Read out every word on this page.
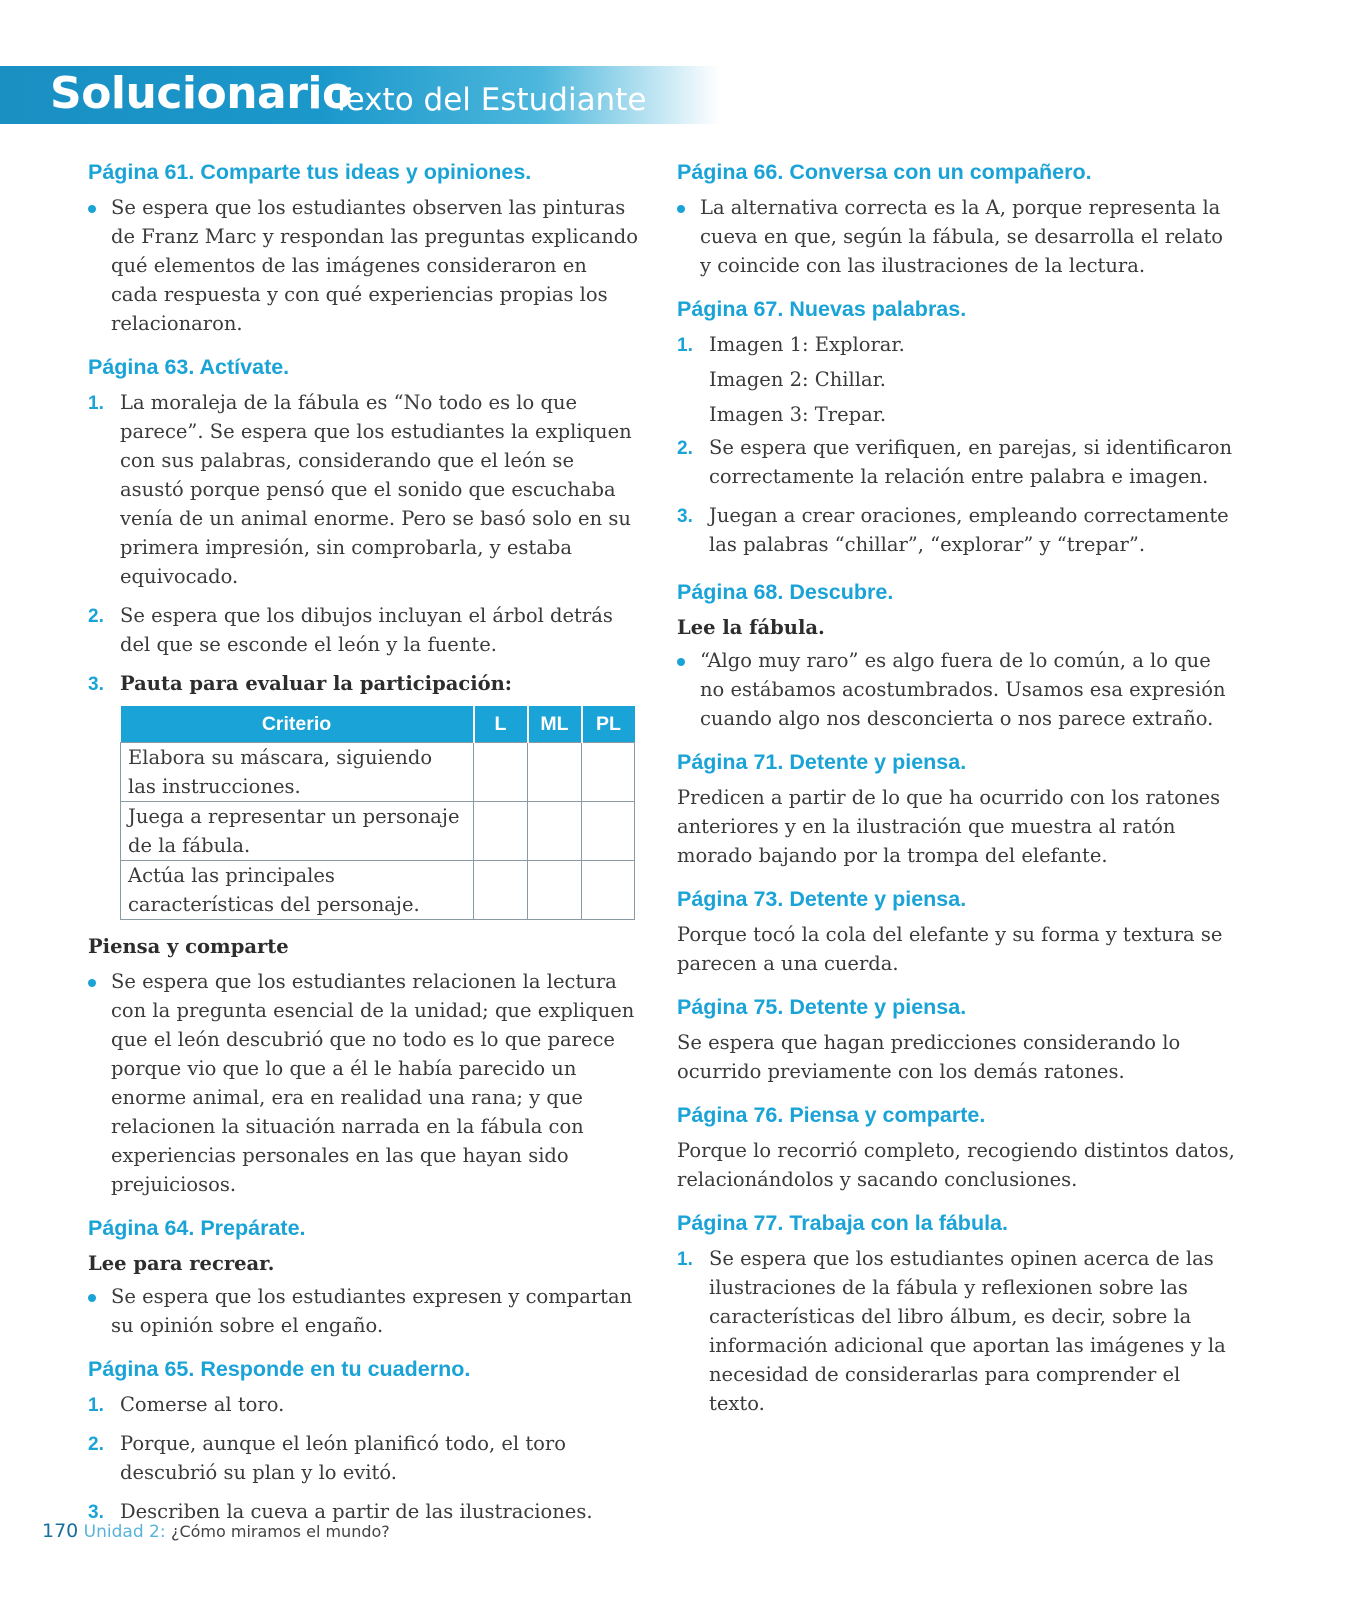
Solucionario
Texto del Estudiante
Página 61. Comparte tus ideas y opiniones.
Se espera que los estudiantes observen las pinturas de Franz Marc y respondan las preguntas explicando qué elementos de las imágenes consideraron en cada respuesta y con qué experiencias propias los relacionaron.
Página 63. Actívate.
1. La moraleja de la fábula es “No todo es lo que parece”. Se espera que los estudiantes la expliquen con sus palabras, considerando que el león se asustó porque pensó que el sonido que escuchaba venía de un animal enorme. Pero se basó solo en su primera impresión, sin comprobarla, y estaba equivocado.
2. Se espera que los dibujos incluyan el árbol detrás del que se esconde el león y la fuente.
3. Pauta para evaluar la participación:
Criterio	L	ML	PL
Elabora su máscara, siguiendo las instrucciones.			
Juega a representar un personaje de la fábula.			
Actúa las principales características del personaje.			
Piensa y comparte
Se espera que los estudiantes relacionen la lectura con la pregunta esencial de la unidad; que expliquen que el león descubrió que no todo es lo que parece porque vio que lo que a él le había parecido un enorme animal, era en realidad una rana; y que relacionen la situación narrada en la fábula con experiencias personales en las que hayan sido prejuiciosos.
Página 64. Prepárate.
Lee para recrear.
Se espera que los estudiantes expresen y compartan su opinión sobre el engaño.
Página 65. Responde en tu cuaderno.
1. Comerse al toro.
2. Porque, aunque el león planificó todo, el toro descubrió su plan y lo evitó.
3. Describen la cueva a partir de las ilustraciones.
Página 66. Conversa con un compañero.
La alternativa correcta es la A, porque representa la cueva en que, según la fábula, se desarrolla el relato y coincide con las ilustraciones de la lectura.
Página 67. Nuevas palabras.
1. Imagen 1: Explorar.
Imagen 2: Chillar.
Imagen 3: Trepar.
2. Se espera que verifiquen, en parejas, si identificaron correctamente la relación entre palabra e imagen.
3. Juegan a crear oraciones, empleando correctamente las palabras “chillar”, “explorar” y “trepar”.
Página 68. Descubre.
Lee la fábula.
“Algo muy raro” es algo fuera de lo común, a lo que no estábamos acostumbrados. Usamos esa expresión cuando algo nos desconcierta o nos parece extraño.
Página 71. Detente y piensa.

Predicen a partir de lo que ha ocurrido con los ratones anteriores y en la ilustración que muestra al ratón morado bajando por la trompa del elefante.

Página 73. Detente y piensa.

Porque tocó la cola del elefante y su forma y textura se parecen a una cuerda.

Página 75. Detente y piensa.

Se espera que hagan predicciones considerando lo ocurrido previamente con los demás ratones.

Página 76. Piensa y comparte.

Porque lo recorrió completo, recogiendo distintos datos, relacionándolos y sacando conclusiones.

Página 77. Trabaja con la fábula.
1. Se espera que los estudiantes opinen acerca de las ilustraciones de la fábula y reflexionen sobre las características del libro álbum, es decir, sobre la información adicional que aportan las imágenes y la necesidad de considerarlas para comprender el texto.
170 Unidad 2: ¿Cómo miramos el mundo?
